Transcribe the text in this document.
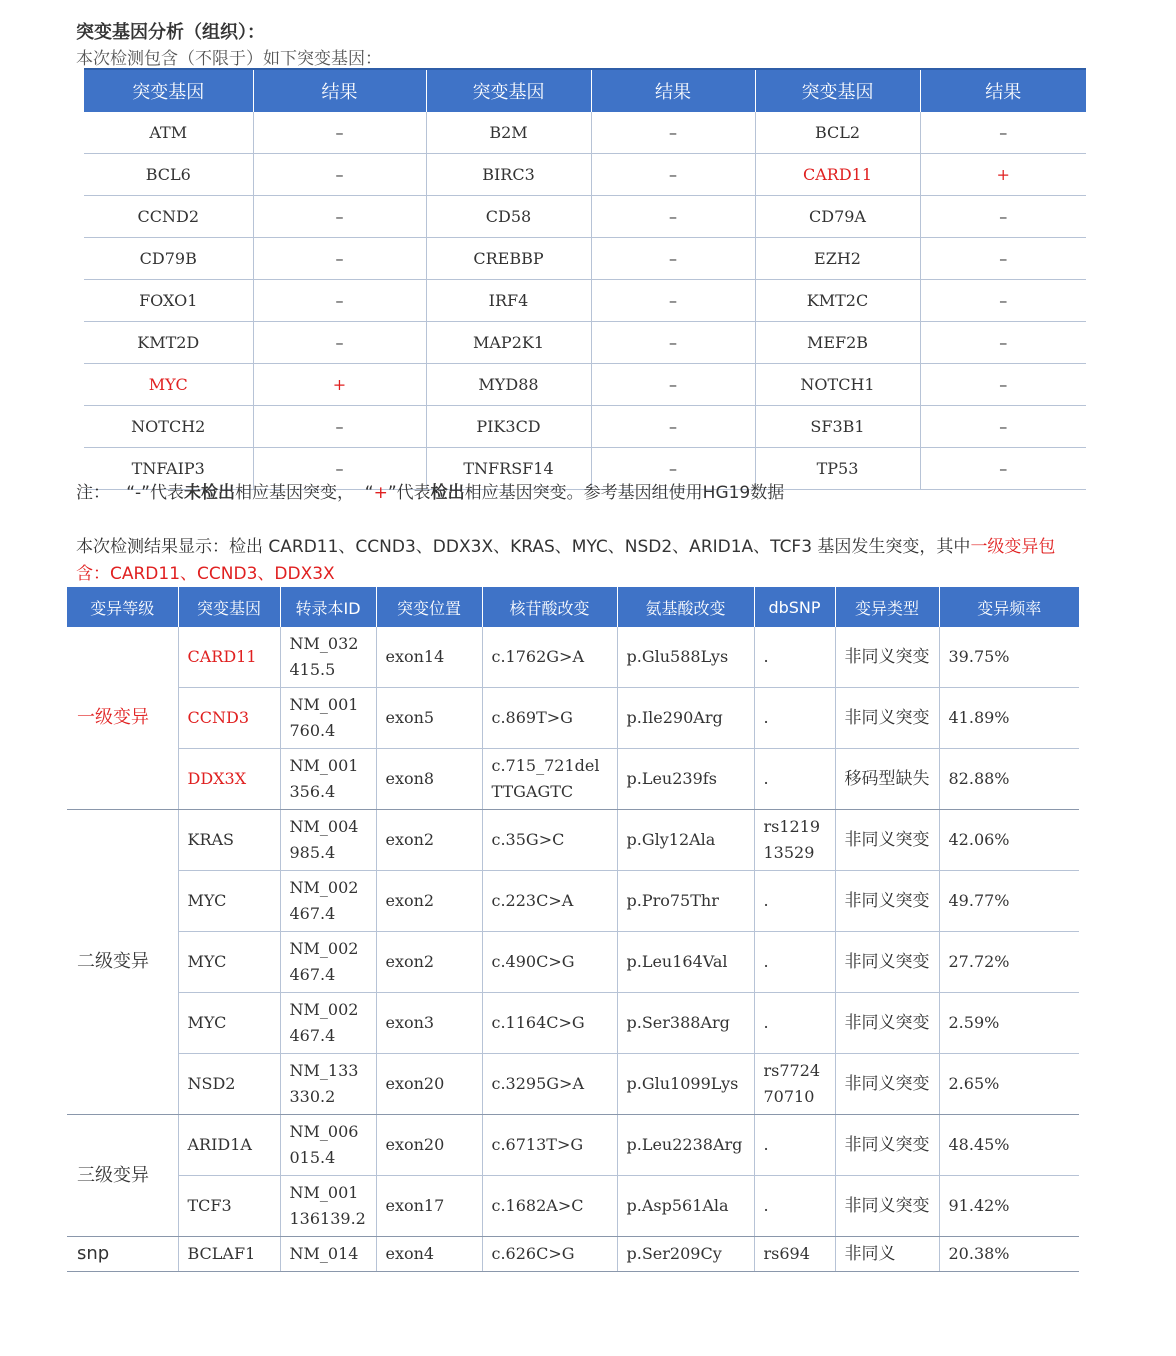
突变基因分析（组织）：
本次检测包含（不限于）如下突变基因：
突变基因	结果	突变基因	结果	突变基因	结果
ATM	–	B2M	–	BCL2	–
BCL6	–	BIRC3	–	CARD11	+
CCND2	–	CD58	–	CD79A	–
CD79B	–	CREBBP	–	EZH2	–
FOXO1	–	IRF4	–	KMT2C	–
KMT2D	–	MAP2K1	–	MEF2B	–
MYC	+	MYD88	–	NOTCH1	–
NOTCH2	–	PIK3CD	–	SF3B1	–
TNFAIP3	–	TNFRSF14	–	TP53	–
注： “-”代表未检出相应基因突变， “+”代表检出相应基因突变。参考基因组使用HG19数据
本次检测结果显示：检出 CARD11、CCND3、DDX3X、KRAS、MYC、NSD2、ARID1A、TCF3 基因发生突变，其中一级变异包含：CARD11、CCND3、DDX3X
变异等级	突变基因	转录本ID	突变位置	核苷酸改变	氨基酸改变	dbSNP	变异类型	变异频率
一级变异	CARD11	NM_032415.5	exon14	c.1762G>A	p.Glu588Lys	.	非同义突变	39.75%
	CCND3	NM_001760.4	exon5	c.869T>G	p.Ile290Arg	.	非同义突变	41.89%
	DDX3X	NM_001356.4	exon8	c.715_721delTTGAGTC	p.Leu239fs	.	移码型缺失	82.88%
二级变异	KRAS	NM_004985.4	exon2	c.35G>C	p.Gly12Ala	rs121913529	非同义突变	42.06%
	MYC	NM_002467.4	exon2	c.223C>A	p.Pro75Thr	.	非同义突变	49.77%
	MYC	NM_002467.4	exon2	c.490C>G	p.Leu164Val	.	非同义突变	27.72%
	MYC	NM_002467.4	exon3	c.1164C>G	p.Ser388Arg	.	非同义突变	2.59%
	NSD2	NM_133330.2	exon20	c.3295G>A	p.Glu1099Lys	rs772470710	非同义突变	2.65%
三级变异	ARID1A	NM_006015.4	exon20	c.6713T>G	p.Leu2238Arg	.	非同义突变	48.45%
	TCF3	NM_001136139.2	exon17	c.1682A>C	p.Asp561Ala	.	非同义突变	91.42%
snp	BCLAF1	NM_014	exon4	c.626C>G	p.Ser209Cy	rs694	非同义	20.38%
